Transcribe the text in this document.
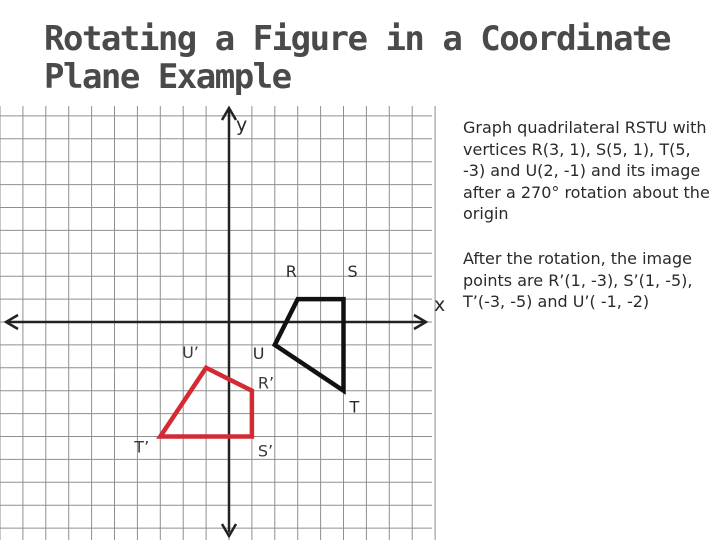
Rotating a Figure in a Coordinate
Plane Example
R	S
T
U
R’
S’
T’
U’
y
x

Graph quadrilateral RSTU with vertices R(3, 1), S(5, 1), T(5, -3) and U(2, -1) and its image after a 270° rotation about the origin

After the rotation, the image points are R’(1, -3), S’(1, -5), T’(-3, -5) and U’( -1, -2)
